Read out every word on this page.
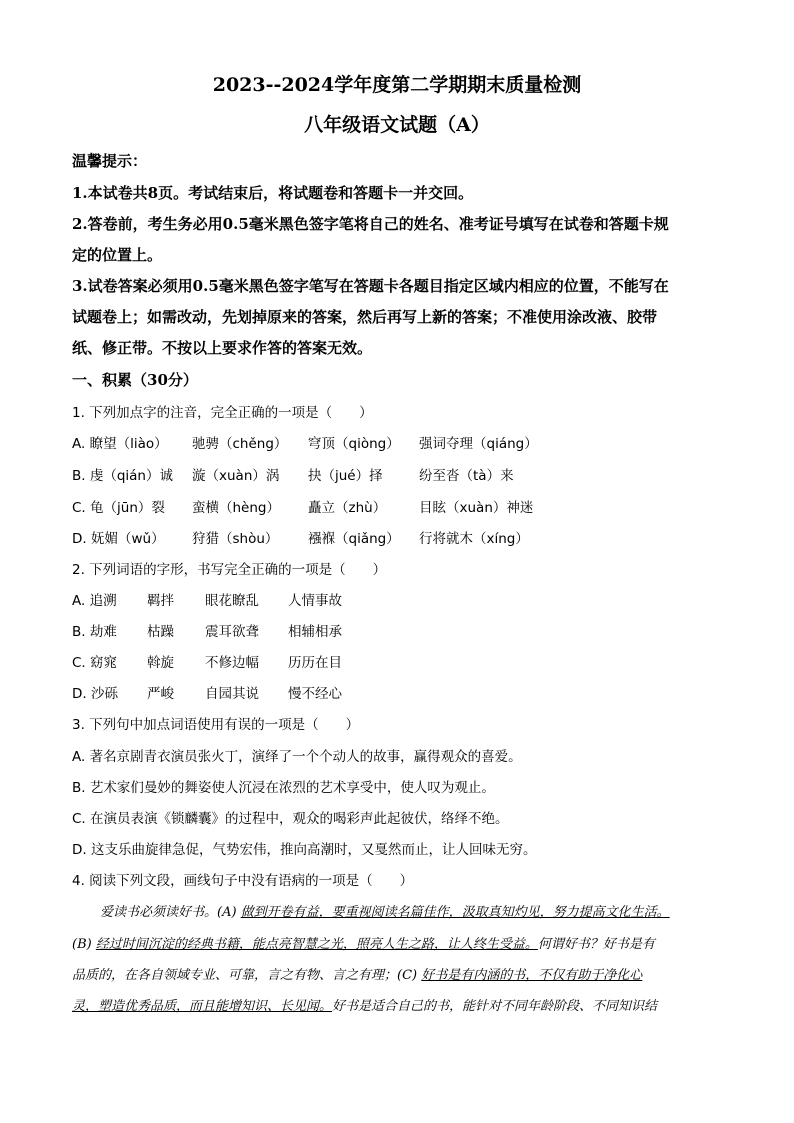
2023--2024学年度第二学期期末质量检测
八年级语文试题（A）
温馨提示：
1.本试卷共8页。考试结束后，将试题卷和答题卡一并交回。
2.答卷前，考生务必用0.5毫米黑色签字笔将自己的姓名、准考证号填写在试卷和答题卡规
定的位置上。
3.试卷答案必须用0.5毫米黑色签字笔写在答题卡各题目指定区域内相应的位置，不能写在
试题卷上；如需改动，先划掉原来的答案，然后再写上新的答案；不准使用涂改液、胶带
纸、修正带。不按以上要求作答的答案无效。
一、积累（30分）
1. 下列加点字的注音，完全正确的一项是（　　）
A. 瞭望（liào） 驰骋（chěng） 穹顶（qiòng） 强词夺理（qiáng）
B. 虔（qián）诚 漩（xuàn）涡 抉（jué）择	纷至沓（tà）来
C. 龟（jūn）裂 蛮横（hèng） 矗立（zhù） 目眩（xuàn）神迷
D. 妩媚（wǔ） 狩猎（shòu） 襁褓（qiǎng） 行将就木（xíng）
2. 下列词语的字形，书写完全正确的一项是（　　）
A. 追溯 羁拌 眼花瞭乱 人情事故
B. 劫难 枯躁 震耳欲聋 相辅相承
C. 窈窕 斡旋 不修边幅 历历在目
D. 沙砾 严峻 自园其说 慢不经心
3. 下列句中加点词语使用有误的一项是（　　）
A. 著名京剧青衣演员张火丁，演绎了一个个动人的故事，赢得观众的喜爱。
B. 艺术家们曼妙的舞姿使人沉浸在浓烈的艺术享受中，使人叹为观止。
C. 在演员表演《锁麟囊》的过程中，观众的喝彩声此起彼伏，络绎不绝。
D. 这支乐曲旋律急促，气势宏伟，推向高潮时，又戛然而止，让人回味无穷。
4. 阅读下列文段，画线句子中没有语病的一项是（　　）
爱读书必须读好书。(A) 做到开卷有益，要重视阅读名篇佳作，汲取真知灼见，努力提高文化生活。
(B) 经过时间沉淀的经典书籍，能点亮智慧之光，照亮人生之路，让人终生受益。何谓好书？好书是有
品质的，在各自领域专业、可靠，言之有物、言之有理；(C) 好书是有内涵的书，不仅有助于净化心
灵，塑造优秀品质，而且能增知识、长见闻。好书是适合自己的书，能针对不同年龄阶段、不同知识结
